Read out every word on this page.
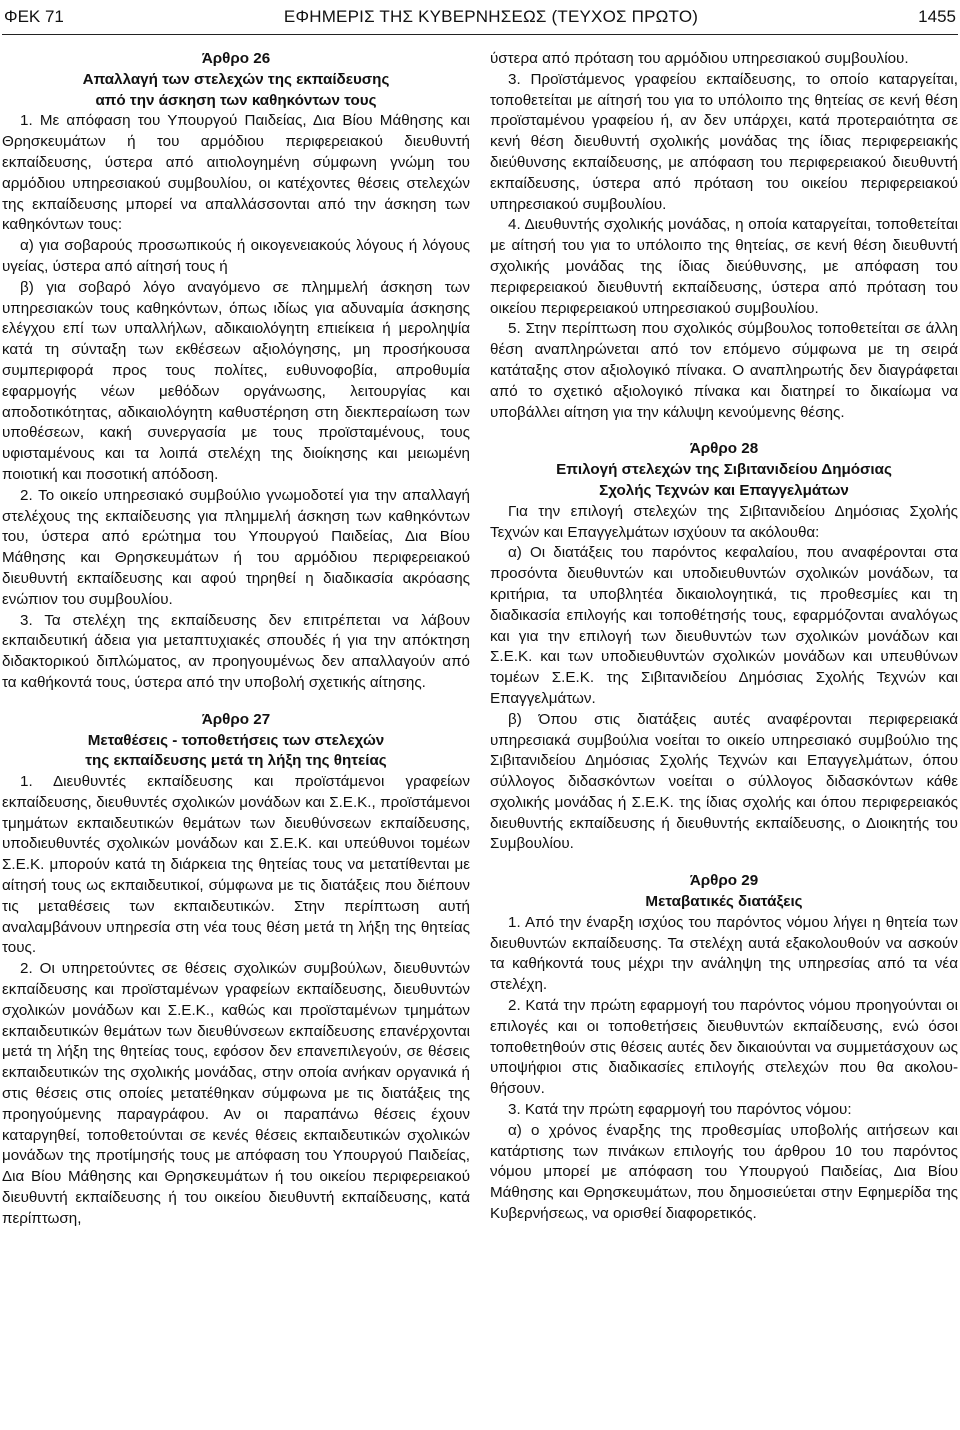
ΦΕΚ 71	ΕΦΗΜΕΡΙΣ ΤΗΣ ΚΥΒΕΡΝΗΣΕΩΣ (ΤΕΥΧΟΣ ΠΡΩΤΟ)	1455
Άρθρο 26
Απαλλαγή των στελεχών της εκπαίδευσης
από την άσκηση των καθηκόντων τους

1. Με απόφαση του Υπουργού Παιδείας, Δια Βίου Μάθησης και Θρησκευμάτων ή του αρμόδιου περιφερειακού διευθυντή εκπαίδευσης, ύστερα από αιτιολογημένη σύμφωνη γνώμη του αρμόδιου υπηρεσιακού συμβουλίου, οι κατέχοντες θέσεις στελεχών της εκπαίδευσης μπορεί να απαλλάσσονται από την άσκηση των καθηκόντων τους:

α) για σοβαρούς προσωπικούς ή οικογενειακούς λόγους ή λόγους υγείας, ύστερα από αίτησή τους ή

β) για σοβαρό λόγο αναγόμενο σε πλημμελή άσκηση των υπηρεσιακών τους καθηκόντων, όπως ιδίως για αδυναμία άσκησης ελέγχου επί των υπαλλήλων, αδικαιολόγητη επιείκεια ή μεροληψία κατά τη σύνταξη των εκθέσεων αξιολόγησης, μη προσήκουσα συμπεριφορά προς τους πολίτες, ευθυνοφοβία, απροθυμία εφαρμογής νέων μεθόδων οργάνωσης, λειτουργίας και αποδοτικότητας, αδικαιολόγητη καθυστέρηση στη διεκπεραίωση των υποθέσεων, κακή συνεργασία με τους προϊσταμένους, τους υφισταμένους και τα λοιπά στελέχη της διοίκησης και μειωμένη ποιοτική και ποσοτική απόδοση.

2. Το οικείο υπηρεσιακό συμβούλιο γνωμοδοτεί για την απαλλαγή στελέχους της εκπαίδευσης για πλημμελή άσκηση των καθηκόντων του, ύστερα από ερώτημα του Υπουργού Παιδείας, Δια Βίου Μάθησης και Θρησκευμάτων ή του αρμόδιου περιφερειακού διευθυντή εκπαίδευσης και αφού τηρηθεί η διαδικασία ακρόασης ενώπιον του συμβουλίου.

3. Τα στελέχη της εκπαίδευσης δεν επιτρέπεται να λάβουν εκπαιδευτική άδεια για μεταπτυχιακές σπουδές ή για την απόκτηση διδακτορικού διπλώματος, αν προηγουμένως δεν απαλλαγούν από τα καθήκοντά τους, ύστερα από την υποβολή σχετικής αίτησης.

Άρθρο 27
Μεταθέσεις - τοποθετήσεις των στελεχών
της εκπαίδευσης μετά τη λήξη της θητείας

1. Διευθυντές εκπαίδευσης και προϊστάμενοι γραφείων εκπαίδευσης, διευθυντές σχολικών μονάδων και Σ.Ε.Κ., προϊστάμενοι τμημάτων εκπαιδευτικών θεμάτων των διευθύνσεων εκπαίδευσης, υποδιευθυντές σχολικών μονάδων και Σ.Ε.Κ. και υπεύθυνοι τομέων Σ.Ε.Κ. μπορούν κατά τη διάρκεια της θητείας τους να μετατίθενται με αίτησή τους ως εκπαιδευτικοί, σύμφωνα με τις διατάξεις που διέπουν τις μεταθέσεις των εκπαιδευτικών. Στην περίπτωση αυτή αναλαμβάνουν υπηρεσία στη νέα τους θέση μετά τη λήξη της θητείας τους.

2. Οι υπηρετούντες σε θέσεις σχολικών συμβούλων, διευθυντών εκπαίδευσης και προϊσταμένων γραφείων εκπαίδευσης, διευθυντών σχολικών μονάδων και Σ.Ε.Κ., καθώς και προϊσταμένων τμημάτων εκπαιδευτικών θεμάτων των διευθύνσεων εκπαίδευσης επανέρχονται μετά τη λήξη της θητείας τους, εφόσον δεν επανεπιλεγούν, σε θέσεις εκπαιδευτικών της σχολικής μονάδας, στην οποία ανήκαν οργανικά ή στις θέσεις στις οποίες μετατέθηκαν σύμφωνα με τις διατάξεις της προηγούμενης παραγράφου. Αν οι παραπάνω θέσεις έχουν καταργηθεί, τοποθετούνται σε κενές θέσεις εκπαιδευτικών σχολικών μονάδων της προτίμησής τους με απόφαση του Υπουργού Παιδείας, Δια Βίου Μάθησης και Θρησκευμάτων ή του οικείου περιφερειακού διευθυντή εκπαίδευσης ή του οικείου διευθυντή εκπαίδευσης, κατά περίπτωση,

ύστερα από πρόταση του αρμόδιου υπηρεσιακού συμβουλίου.

3. Προϊστάμενος γραφείου εκπαίδευσης, το οποίο καταργείται, τοποθετείται με αίτησή του για το υπόλοιπο της θητείας σε κενή θέση προϊσταμένου γραφείου ή, αν δεν υπάρχει, κατά προτεραιότητα σε κενή θέση διευθυντή σχολικής μονάδας της ίδιας περιφερειακής διεύθυνσης εκπαίδευσης, με απόφαση του περιφερειακού διευθυντή εκπαίδευσης, ύστερα από πρόταση του οικείου περιφερειακού υπηρεσιακού συμβουλίου.

4. Διευθυντής σχολικής μονάδας, η οποία καταργείται, τοποθετείται με αίτησή του για το υπόλοιπο της θητείας, σε κενή θέση διευθυντή σχολικής μονάδας της ίδιας διεύθυνσης, με απόφαση του περιφερειακού διευθυντή εκπαίδευσης, ύστερα από πρόταση του οικείου περιφερειακού υπηρεσιακού συμβουλίου.

5. Στην περίπτωση που σχολικός σύμβουλος τοποθετείται σε άλλη θέση αναπληρώνεται από τον επόμενο σύμφωνα με τη σειρά κατάταξης στον αξιολογικό πίνακα. Ο αναπληρωτής δεν διαγράφεται από το σχετικό αξιολογικό πίνακα και διατηρεί το δικαίωμα να υποβάλλει αίτηση για την κάλυψη κενούμενης θέσης.

Άρθρο 28
Επιλογή στελεχών της Σιβιτανιδείου Δημόσιας
Σχολής Τεχνών και Επαγγελμάτων

Για την επιλογή στελεχών της Σιβιτανιδείου Δημόσιας Σχολής Τεχνών και Επαγγελμάτων ισχύουν τα ακόλουθα:

α) Οι διατάξεις του παρόντος κεφαλαίου, που αναφέρονται στα προσόντα διευθυντών και υποδιευθυντών σχολικών μονάδων, τα κριτήρια, τα υποβλητέα δικαιολογητικά, τις προθεσμίες και τη διαδικασία επιλογής και τοποθέτησής τους, εφαρμόζονται αναλόγως και για την επιλογή των διευθυντών των σχολικών μονάδων και Σ.Ε.Κ. και των υποδιευθυντών σχολικών μονάδων και υπευθύνων τομέων Σ.Ε.Κ. της Σιβιτανιδείου Δημόσιας Σχολής Τεχνών και Επαγγελμάτων.

β) Όπου στις διατάξεις αυτές αναφέρονται περιφερειακά υπηρεσιακά συμβούλια νοείται το οικείο υπηρεσιακό συμβούλιο της Σιβιτανιδείου Δημόσιας Σχολής Τεχνών και Επαγγελμάτων, όπου σύλλογος διδασκόντων νοείται ο σύλλογος διδασκόντων κάθε σχολικής μονάδας ή Σ.Ε.Κ. της ίδιας σχολής και όπου περιφερειακός διευθυντής εκπαίδευσης ή διευθυντής εκπαίδευσης, ο Διοικητής του Συμβουλίου.

Άρθρο 29
Μεταβατικές διατάξεις

1. Από την έναρξη ισχύος του παρόντος νόμου λήγει η θητεία των διευθυντών εκπαίδευσης. Τα στελέχη αυτά εξακολουθούν να ασκούν τα καθήκοντά τους μέχρι την ανάληψη της υπηρεσίας από τα νέα στελέχη.

2. Κατά την πρώτη εφαρμογή του παρόντος νόμου προηγούνται οι επιλογές και οι τοποθετήσεις διευθυντών εκπαίδευσης, ενώ όσοι τοποθετηθούν στις θέσεις αυτές δεν δικαιούνται να συμμετάσχουν ως υποψήφιοι στις διαδικασίες επιλογής στελεχών που θα ακολουθήσουν.

3. Κατά την πρώτη εφαρμογή του παρόντος νόμου:

α) ο χρόνος έναρξης της προθεσμίας υποβολής αιτήσεων και κατάρτισης των πινάκων επιλογής του άρθρου 10 του παρόντος νόμου μπορεί με απόφαση του Υπουργού Παιδείας, Δια Βίου Μάθησης και Θρησκευμάτων, που δημοσιεύεται στην Εφημερίδα της Κυβερνήσεως, να ορισθεί διαφορετικός.
